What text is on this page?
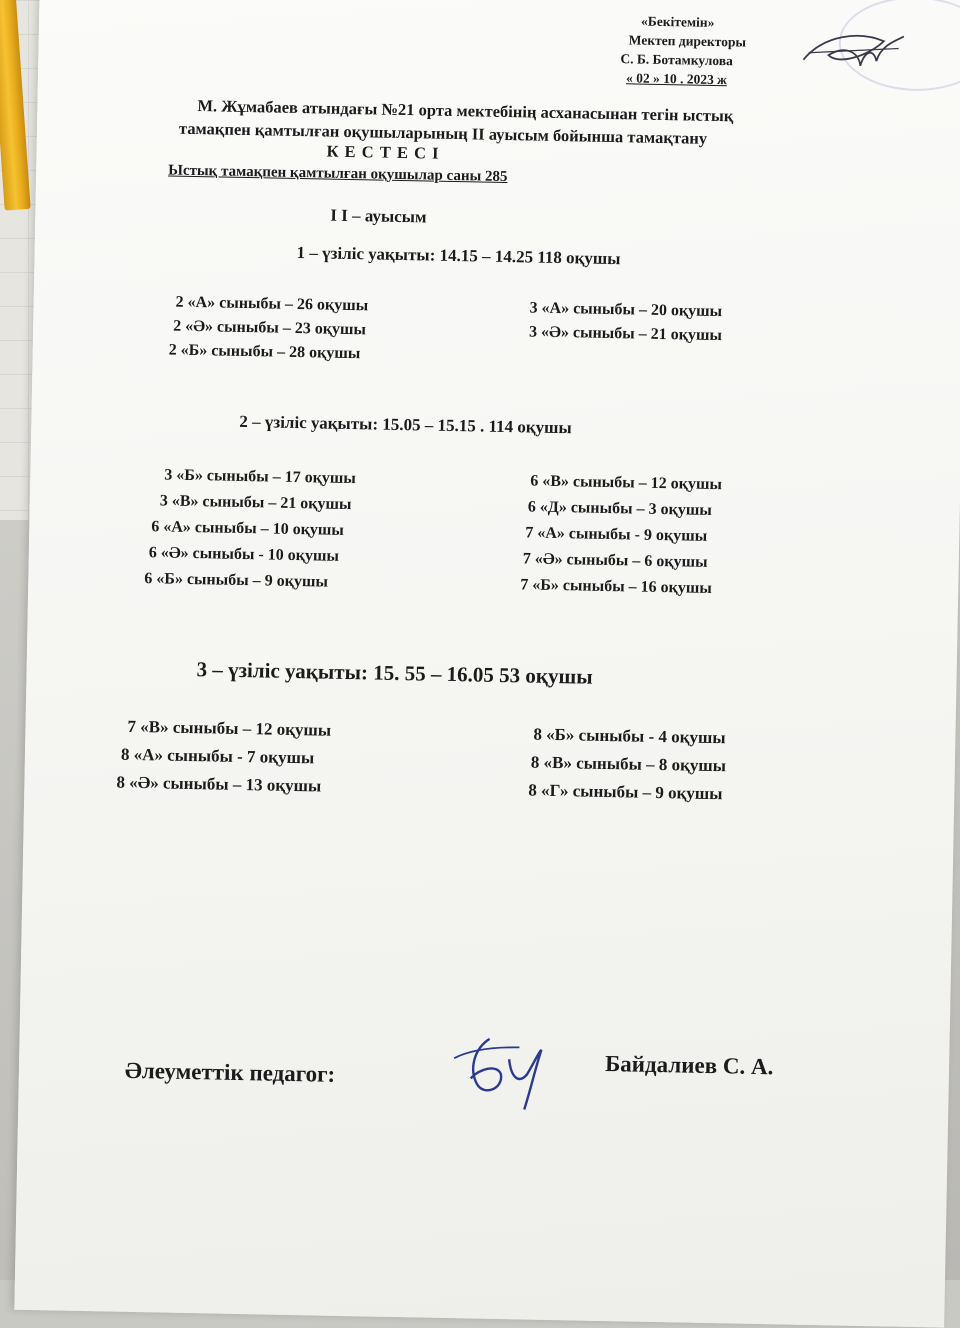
«Бекітемін»
Мектеп директоры
С. Б. Ботамкулова
« 02 » 10 . 2023 ж
М. Жұмабаев атындағы №21 орта мектебінің асханасынан тегін ыстық
тамақпен қамтылған оқушыларының ІІ ауысым бойынша тамақтану
К Е С Т Е С І
Ыстық тамақпен қамтылған оқушылар саны 285
І І – ауысым
1 – үзіліс уақыты: 14.15 – 14.25 118 оқушы
2 «А» сыныбы – 26 оқушы
2 «Ә» сыныбы – 23 оқушы
2 «Б» сыныбы – 28 оқушы
3 «А» сыныбы – 20 оқушы
3 «Ә» сыныбы – 21 оқушы
2 – үзіліс уақыты: 15.05 – 15.15 . 114 оқушы
3 «Б» сыныбы – 17 оқушы
3 «В» сыныбы – 21 оқушы
6 «А» сыныбы – 10 оқушы
6 «Ә» сыныбы - 10 оқушы
6 «Б» сыныбы – 9 оқушы
6 «В» сыныбы – 12 оқушы
6 «Д» сыныбы – 3 оқушы
7 «А» сыныбы - 9 оқушы
7 «Ә» сыныбы – 6 оқушы
7 «Б» сыныбы – 16 оқушы
3 – үзіліс уақыты: 15. 55 – 16.05 53 оқушы
7 «В» сыныбы – 12 оқушы
8 «А» сыныбы - 7 оқушы
8 «Ә» сыныбы – 13 оқушы
8 «Б» сыныбы - 4 оқушы
8 «В» сыныбы – 8 оқушы
8 «Г» сыныбы – 9 оқушы
Әлеуметтік педагог:	Байдалиев С. А.
